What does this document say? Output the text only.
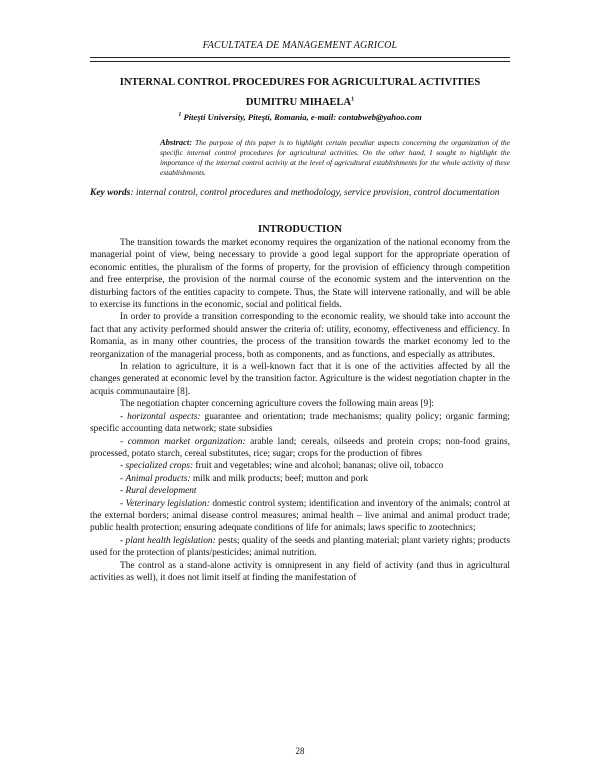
FACULTATEA DE MANAGEMENT AGRICOL
INTERNAL CONTROL PROCEDURES FOR AGRICULTURAL ACTIVITIES
DUMITRU MIHAELA$^1$
$^1$ Piteşti University, Piteşti, Romania, e-mail: contabweb@yahoo.com
Abstract: The purpose of this paper is to highlight certain peculiar aspects concerning the organization of the specific internal control procedures for agricultural activities. On the other hand, I sought to highlight the importance of the internal control activity at the level of agricultural establishments for the whole activity of these establishments.
Key words: internal control, control procedures and methodology, service provision, control documentation
INTRODUCTION

The transition towards the market economy requires the organization of the national economy from the managerial point of view, being necessary to provide a good legal support for the appropriate operation of economic entities, the pluralism of the forms of property, for the provision of efficiency through competition and free enterprise, the provision of the normal course of the economic system and the intervention on the disturbing factors of the entities capacity to compete. Thus, the State will intervene rationally, and will be able to exercise its functions in the economic, social and political fields.

In order to provide a transition corresponding to the economic reality, we should take into account the fact that any activity performed should answer the criteria of: utility, economy, effectiveness and efficiency. In Romania, as in many other countries, the process of the transition towards the market economy led to the reorganization of the managerial process, both as components, and as functions, and especially as attributes.

In relation to agriculture, it is a well-known fact that it is one of the activities affected by all the changes generated at economic level by the transition factor. Agriculture is the widest negotiation chapter in the acquis communautaire [8].

The negotiation chapter concerning agriculture covers the following main areas [9]:

- horizontal aspects: guarantee and orientation; trade mechanisms; quality policy; organic farming; specific accounting data network; state subsidies

- common market organization: arable land; cereals, oilseeds and protein crops; non-food grains, processed, potato starch, cereal substitutes, rice; sugar; crops for the production of fibres

- specialized crops: fruit and vegetables; wine and alcohol; bananas; olive oil, tobacco

- Animal products: milk and milk products; beef; mutton and pork

- Rural development

- Veterinary legislation: domestic control system; identification and inventory of the animals; control at the external borders; animal disease control measures; animal health – live animal and animal product trade; public health protection; ensuring adequate conditions of life for animals; laws specific to zootechnics;

- plant health legislation: pests; quality of the seeds and planting material; plant variety rights; products used for the protection of plants/pesticides; animal nutrition.

The control as a stand-alone activity is omnipresent in any field of activity (and thus in agricultural activities as well), it does not limit itself at finding the manifestation of

28
